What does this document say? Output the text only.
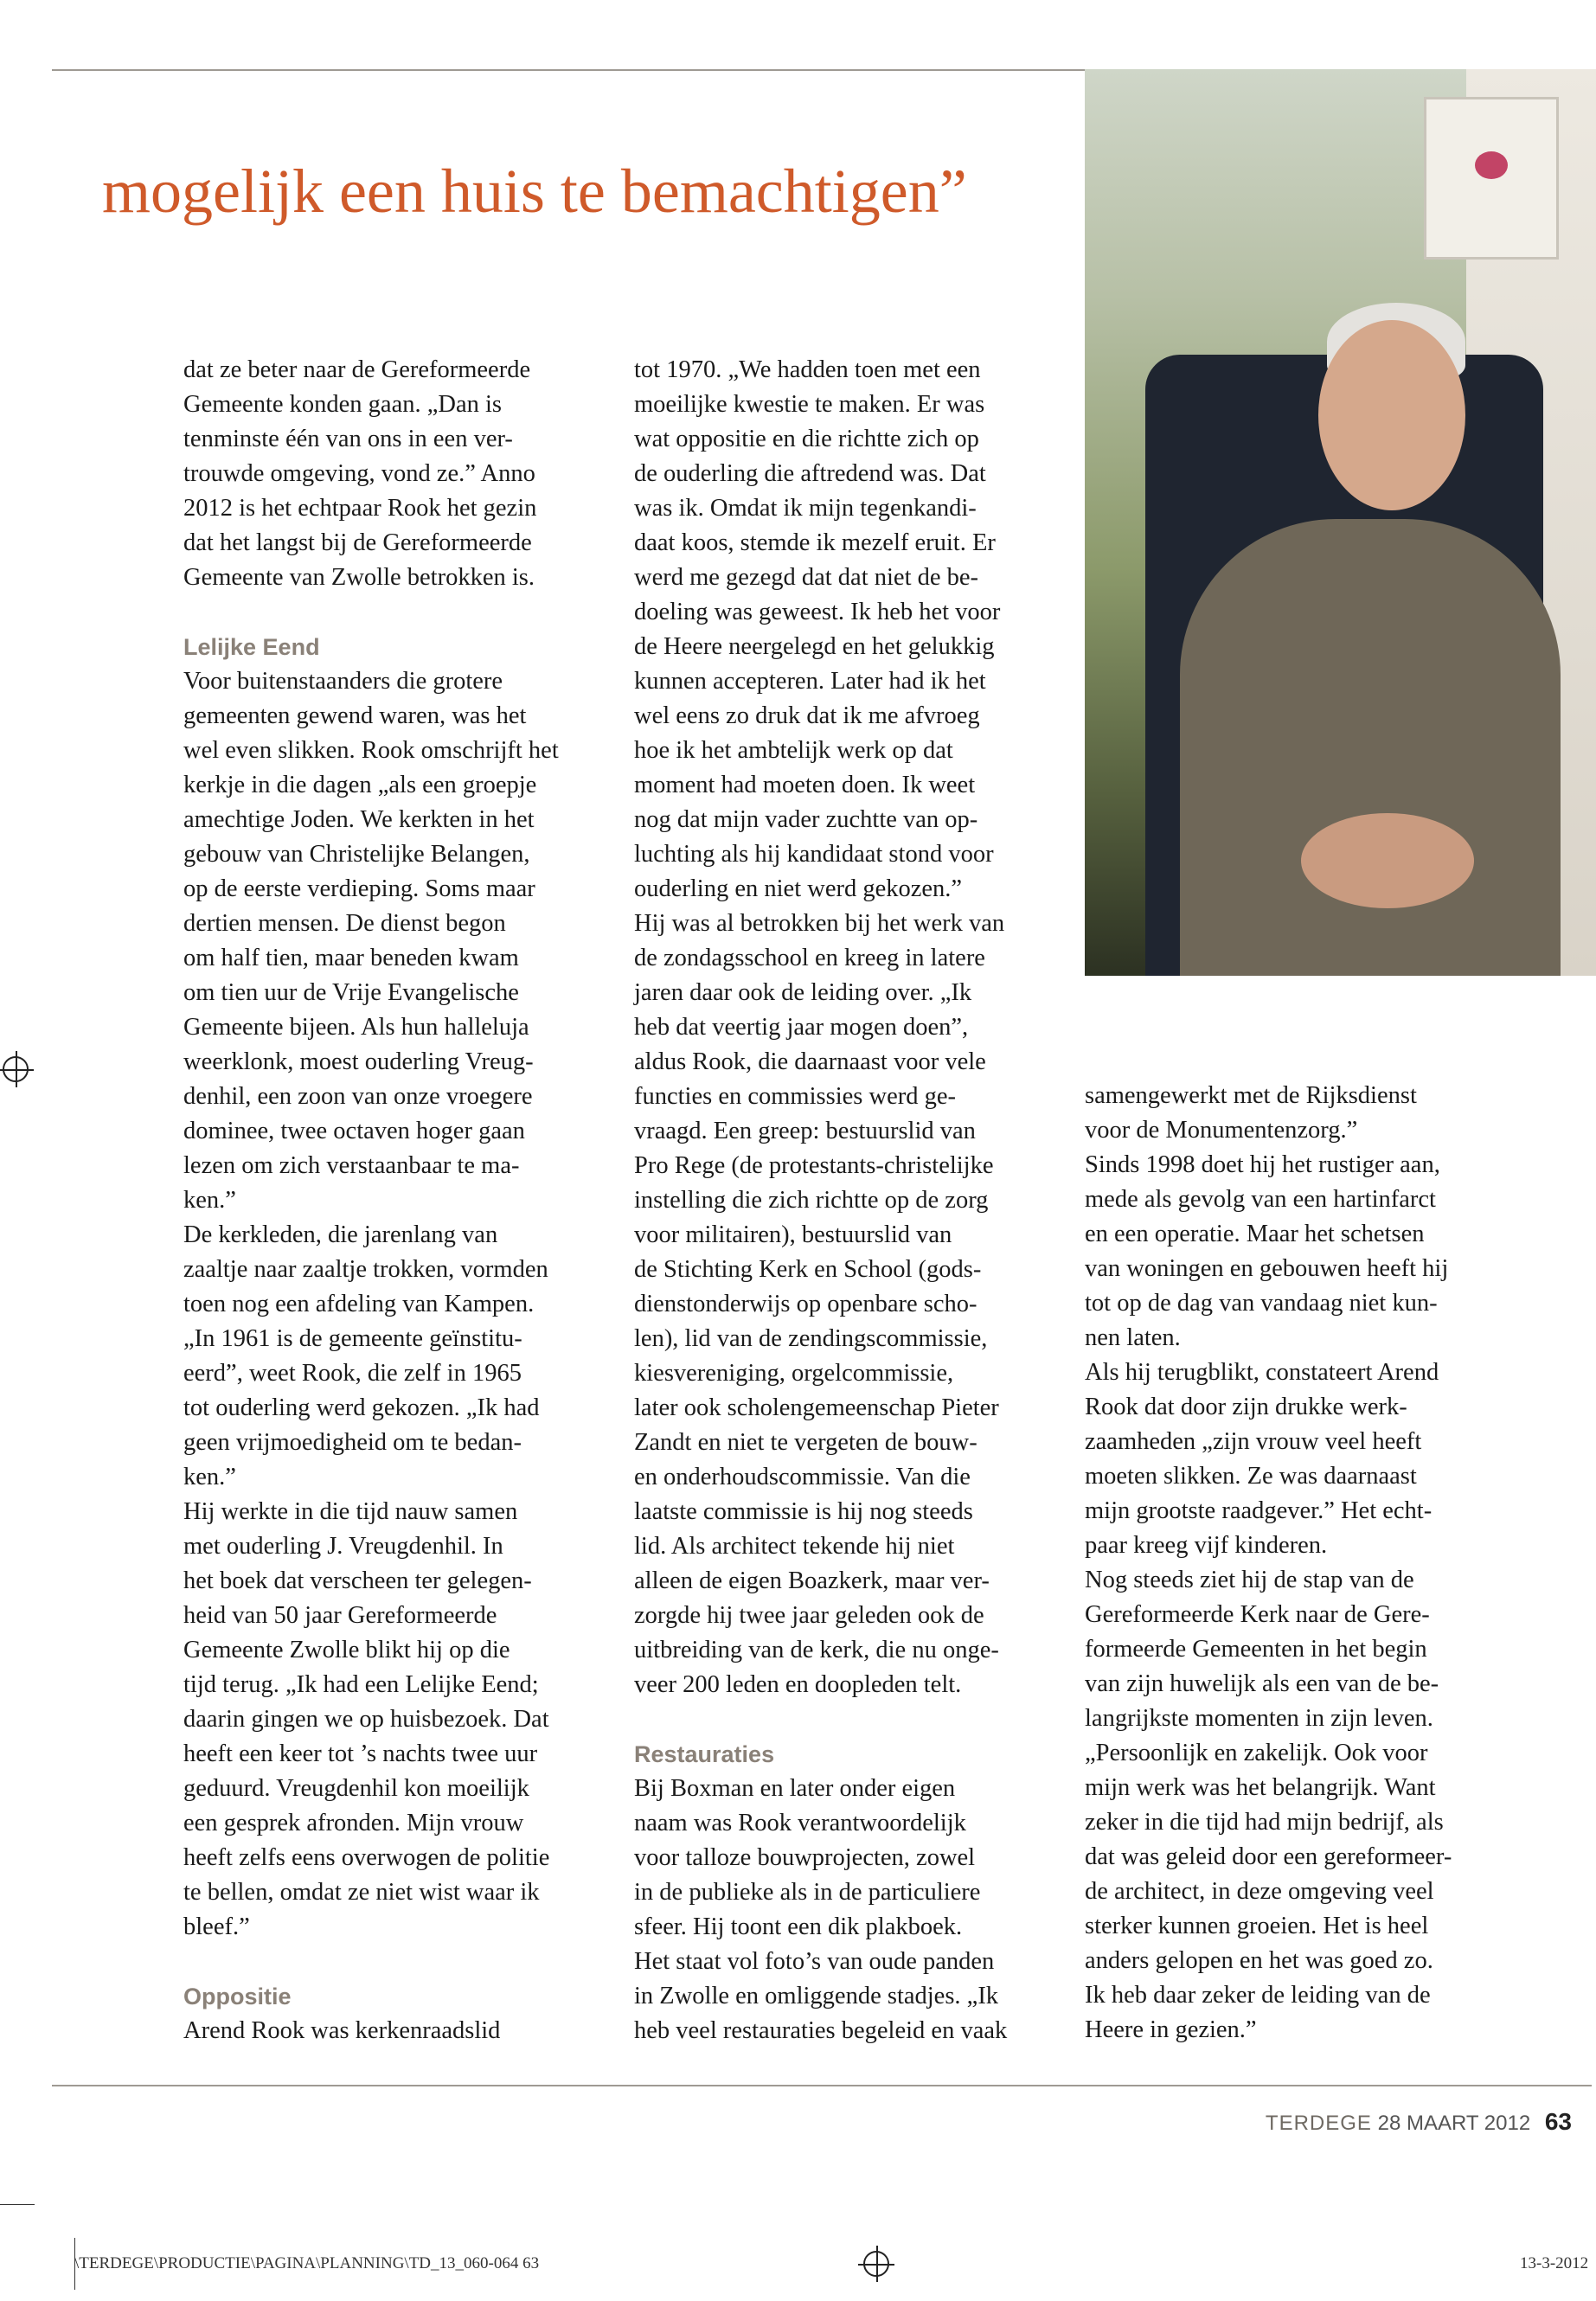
mogelijk een huis te bemachtigen”
dat ze beter naar de Gereformeerde
Gemeente konden gaan. „Dan is
tenminste één van ons in een ver-
trouwde omgeving, vond ze.” Anno
2012 is het echtpaar Rook het gezin
dat het langst bij de Gereformeerde
Gemeente van Zwolle betrokken is.
Lelijke Eend
Voor buitenstaanders die grotere
gemeenten gewend waren, was het
wel even slikken. Rook omschrijft het
kerkje in die dagen „als een groepje
amechtige Joden. We kerkten in het
gebouw van Christelijke Belangen,
op de eerste verdieping. Soms maar
dertien mensen. De dienst begon
om half tien, maar beneden kwam
om tien uur de Vrije Evangelische
Gemeente bijeen. Als hun halleluja
weerklonk, moest ouderling Vreug-
denhil, een zoon van onze vroegere
dominee, twee octaven hoger gaan
lezen om zich verstaanbaar te ma-
ken.”
De kerkleden, die jarenlang van
zaaltje naar zaaltje trokken, vormden
toen nog een afdeling van Kampen.
„In 1961 is de gemeente geïnstitu-
eerd”, weet Rook, die zelf in 1965
tot ouderling werd gekozen. „Ik had
geen vrijmoedigheid om te bedan-
ken.”
Hij werkte in die tijd nauw samen
met ouderling J. Vreugdenhil. In
het boek dat verscheen ter gelegen-
heid van 50 jaar Gereformeerde
Gemeente Zwolle blikt hij op die
tijd terug. „Ik had een Lelijke Eend;
daarin gingen we op huisbezoek. Dat
heeft een keer tot ’s nachts twee uur
geduurd. Vreugdenhil kon moeilijk
een gesprek afronden. Mijn vrouw
heeft zelfs eens overwogen de politie
te bellen, omdat ze niet wist waar ik
bleef.”
Oppositie
Arend Rook was kerkenraadslid
tot 1970. „We hadden toen met een
moeilijke kwestie te maken. Er was
wat oppositie en die richtte zich op
de ouderling die aftredend was. Dat
was ik. Omdat ik mijn tegenkandi-
daat koos, stemde ik mezelf eruit. Er
werd me gezegd dat dat niet de be-
doeling was geweest. Ik heb het voor
de Heere neergelegd en het gelukkig
kunnen accepteren. Later had ik het
wel eens zo druk dat ik me afvroeg
hoe ik het ambtelijk werk op dat
moment had moeten doen. Ik weet
nog dat mijn vader zuchtte van op-
luchting als hij kandidaat stond voor
ouderling en niet werd gekozen.”
Hij was al betrokken bij het werk van
de zondagsschool en kreeg in latere
jaren daar ook de leiding over. „Ik
heb dat veertig jaar mogen doen”,
aldus Rook, die daarnaast voor vele
functies en commissies werd ge-
vraagd. Een greep: bestuurslid van
Pro Rege (de protestants-christelijke
instelling die zich richtte op de zorg
voor militairen), bestuurslid van
de Stichting Kerk en School (gods-
dienstonderwijs op openbare scho-
len), lid van de zendingscommissie,
kiesvereniging, orgelcommissie,
later ook scholengemeenschap Pieter
Zandt en niet te vergeten de bouw-
en onderhoudscommissie. Van die
laatste commissie is hij nog steeds
lid. Als architect tekende hij niet
alleen de eigen Boazkerk, maar ver-
zorgde hij twee jaar geleden ook de
uitbreiding van de kerk, die nu onge-
veer 200 leden en doopleden telt.
Restauraties
Bij Boxman en later onder eigen
naam was Rook verantwoordelijk
voor talloze bouwprojecten, zowel
in de publieke als in de particuliere
sfeer. Hij toont een dik plakboek.
Het staat vol foto’s van oude panden
in Zwolle en omliggende stadjes. „Ik
heb veel restauraties begeleid en vaak
samengewerkt met de Rijksdienst
voor de Monumentenzorg.”
Sinds 1998 doet hij het rustiger aan,
mede als gevolg van een hartinfarct
en een operatie. Maar het schetsen
van woningen en gebouwen heeft hij
tot op de dag van vandaag niet kun-
nen laten.
Als hij terugblikt, constateert Arend
Rook dat door zijn drukke werk-
zaamheden „zijn vrouw veel heeft
moeten slikken. Ze was daarnaast
mijn grootste raadgever.” Het echt-
paar kreeg vijf kinderen.
Nog steeds ziet hij de stap van de
Gereformeerde Kerk naar de Gere-
formeerde Gemeenten in het begin
van zijn huwelijk als een van de be-
langrijkste momenten in zijn leven.
„Persoonlijk en zakelijk. Ook voor
mijn werk was het belangrijk. Want
zeker in die tijd had mijn bedrijf, als
dat was geleid door een gereformeer-
de architect, in deze omgeving veel
sterker kunnen groeien. Het is heel
anders gelopen en het was goed zo.
Ik heb daar zeker de leiding van de
Heere in gezien.”
TERDEGE 28 MAART 2012 63
\TERDEGE\PRODUCTIE\PAGINA\PLANNING\TD_13_060-064 63	13-3-2012
